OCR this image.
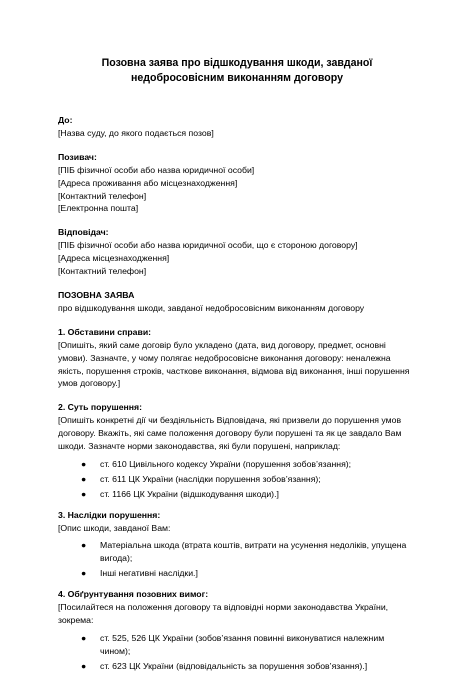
Позовна заява про відшкодування шкоди, завданої недобросовісним виконанням договору

До:

[Назва суду, до якого подається позов]

Позивач:

[ПІБ фізичної особи або назва юридичної особи]

[Адреса проживання або місцезнаходження]

[Контактний телефон]

[Електронна пошта]

Відповідач:

[ПІБ фізичної особи або назва юридичної особи, що є стороною договору]

[Адреса місцезнаходження]

[Контактний телефон]

ПОЗОВНА ЗАЯВА

про відшкодування шкоди, завданої недобросовісним виконанням договору

1. Обставини справи:

[Опишіть, який саме договір було укладено (дата, вид договору, предмет, основні умови). Зазначте, у чому полягає недобросовісне виконання договору: неналежна якість, порушення строків, часткове виконання, відмова від виконання, інші порушення умов договору.]

2. Суть порушення:

[Опишіть конкретні дії чи бездіяльність Відповідача, які призвели до порушення умов договору. Вкажіть, які саме положення договору були порушені та як це завдало Вам шкоди. Зазначте норми законодавства, які були порушені, наприклад:

● ст. 610 Цивільного кодексу України (порушення зобов’язання);
● ст. 611 ЦК України (наслідки порушення зобов’язання);
● ст. 1166 ЦК України (відшкодування шкоди).]

3. Наслідки порушення:

[Опис шкоди, завданої Вам:

● Матеріальна шкода (втрата коштів, витрати на усунення недоліків, упущена вигода);
● Інші негативні наслідки.]

4. Обґрунтування позовних вимог:

[Посилайтеся на положення договору та відповідні норми законодавства України, зокрема:

● ст. 525, 526 ЦК України (зобов’язання повинні виконуватися належним чином);
● ст. 623 ЦК України (відповідальність за порушення зобов’язання).]
